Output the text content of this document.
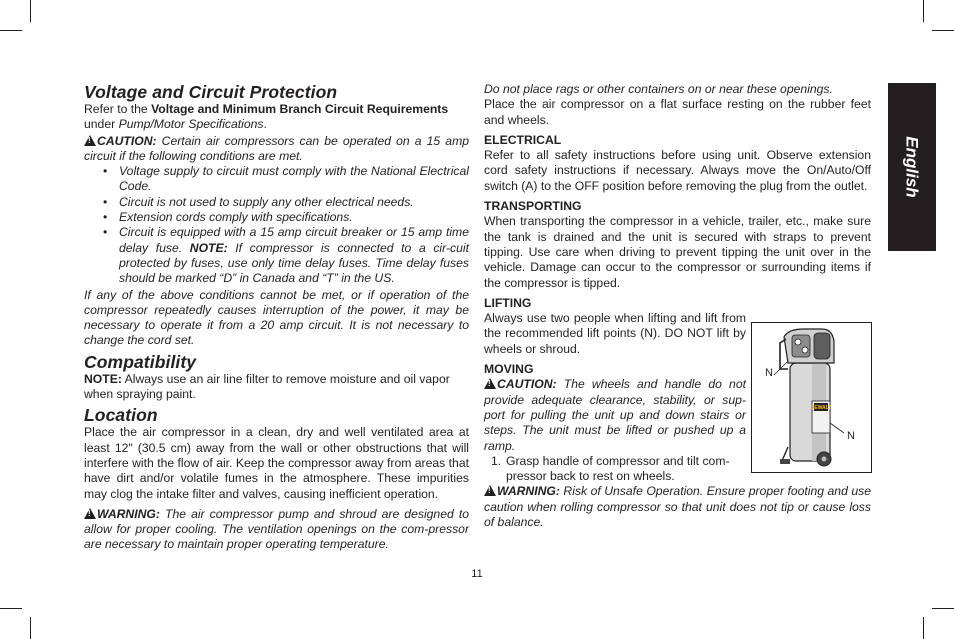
English
Voltage and Circuit Protection

Refer to the Voltage and Minimum Branch Circuit Requirements
under Pump/Motor Specifications.

!CAUTION: Certain air compressors can be operated on a 15 amp circuit if the following conditions are met.

• Voltage supply to circuit must comply with the National Electrical Code.
• Circuit is not used to supply any other electrical needs.
• Extension cords comply with specifications.
• Circuit is equipped with a 15 amp circuit breaker or 15 amp time delay fuse. NOTE: If compressor is connected to a cir-cuit protected by fuses, use only time delay fuses. Time delay fuses should be marked “D” in Canada and “T” in the US.

If any of the above conditions cannot be met, or if operation of the compressor repeatedly causes interruption of the power, it may be necessary to operate it from a 20 amp circuit. It is not necessary to change the cord set.

Compatibility

NOTE: Always use an air line filter to remove moisture and oil vapor when spraying paint.

Location

Place the air compressor in a clean, dry and well ventilated area at least 12" (30.5 cm) away from the wall or other obstructions that will interfere with the flow of air. Keep the compressor away from areas that have dirt and/or volatile fumes in the atmosphere. These impurities may clog the intake filter and valves, causing inefficient operation.

!WARNING: The air compressor pump and shroud are designed to allow for proper cooling. The ventilation openings on the com-pressor are necessary to maintain proper operating temperature.

Do not place rags or other containers on or near these openings.

Place the air compressor on a flat surface resting on the rubber feet and wheels.

ELECTRICAL

Refer to all safety instructions before using unit. Observe extension cord safety instructions if necessary. Always move the On/Auto/Off switch (A) to the OFF position before removing the plug from the outlet.

TRANSPORTING

When transporting the compressor in a vehicle, trailer, etc., make sure the tank is drained and the unit is secured with straps to prevent tipping. Use care when driving to prevent tipping the unit over in the vehicle. Damage can occur to the compressor or surrounding items if the compressor is tipped.

LIFTING

Always use two people when lifting and lift from the recommended lift points (N). DO NOT lift by wheels or shroud.

MOVING

!CAUTION: The wheels and handle do not provide adequate clearance, stability, or sup-port for pulling the unit up and down stairs or steps. The unit must be lifted or pushed up a ramp.

1. Grasp handle of compressor and tilt com-pressor back to rest on wheels.

!WARNING: Risk of Unsafe Operation. Ensure proper footing and use caution when rolling compressor so that unit does not tip or cause loss of balance.

DEWALT
N
N
11
